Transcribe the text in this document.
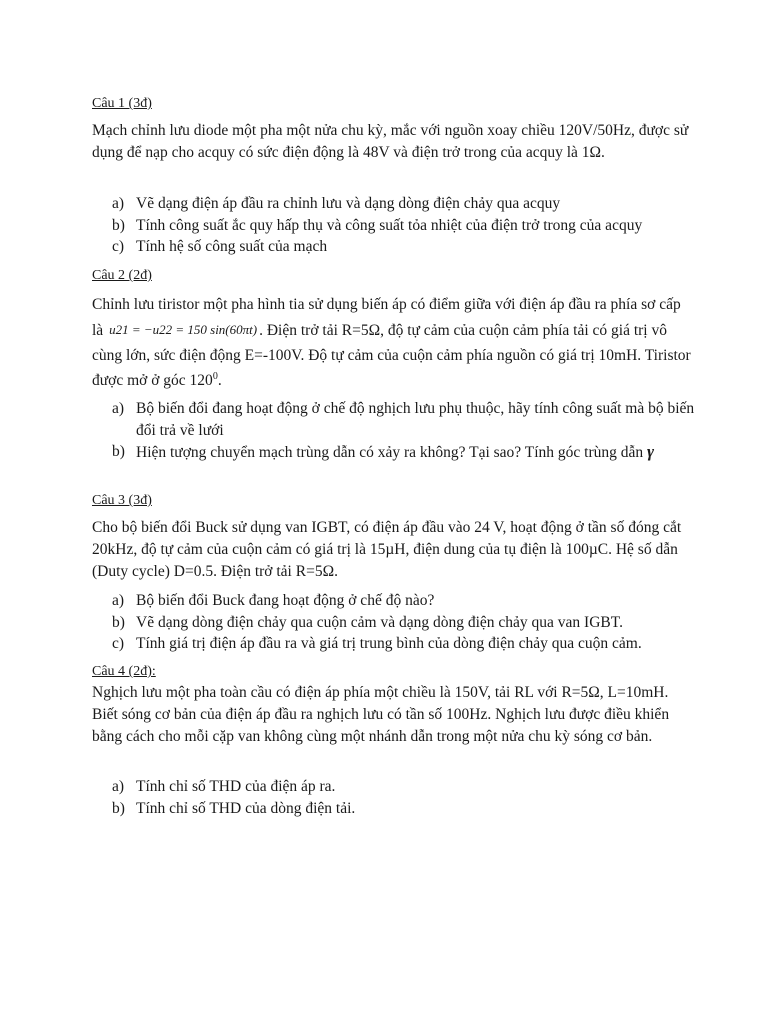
Câu 1 (3đ)

Mạch chỉnh lưu diode một pha một nửa chu kỳ, mắc với nguồn xoay chiều 120V/50Hz, được sử dụng để nạp cho acquy có sức điện động là 48V và điện trở trong của acquy là 1Ω.

a) Vẽ dạng điện áp đầu ra chỉnh lưu và dạng dòng điện chảy qua acquy
b) Tính công suất ắc quy hấp thụ và công suất tỏa nhiệt của điện trở trong của acquy
c) Tính hệ số công suất của mạch
Câu 2 (2đ)

Chỉnh lưu tiristor một pha hình tia sử dụng biến áp có điểm giữa với điện áp đầu ra phía sơ cấp là u21 = −u22 = 150 sin(60πt) . Điện trở tải R=5Ω, độ tự cảm của cuộn cảm phía tải có giá trị vô cùng lớn, sức điện động E=-100V. Độ tự cảm của cuộn cảm phía nguồn có giá trị 10mH. Tiristor được mở ở góc $120^0$.

a) Bộ biến đổi đang hoạt động ở chế độ nghịch lưu phụ thuộc, hãy tính công suất mà bộ biến đổi trả về lưới
b) Hiện tượng chuyển mạch trùng dẫn có xảy ra không? Tại sao? Tính góc trùng dẫn γ
Câu 3 (3đ)

Cho bộ biến đổi Buck sử dụng van IGBT, có điện áp đầu vào 24 V, hoạt động ở tần số đóng cắt 20kHz, độ tự cảm của cuộn cảm có giá trị là 15µH, điện dung của tụ điện là 100µC. Hệ số dẫn (Duty cycle) D=0.5. Điện trở tải R=5Ω.

a) Bộ biến đổi Buck đang hoạt động ở chế độ nào?
b) Vẽ dạng dòng điện chảy qua cuộn cảm và dạng dòng điện chảy qua van IGBT.
c) Tính giá trị điện áp đầu ra và giá trị trung bình của dòng điện chảy qua cuộn cảm.
Câu 4 (2đ):

Nghịch lưu một pha toàn cầu có điện áp phía một chiều là 150V, tải RL với R=5Ω, L=10mH. Biết sóng cơ bản của điện áp đầu ra nghịch lưu có tần số 100Hz. Nghịch lưu được điều khiển bằng cách cho mỗi cặp van không cùng một nhánh dẫn trong một nửa chu kỳ sóng cơ bản.

a) Tính chỉ số THD của điện áp ra.
b) Tính chỉ số THD của dòng điện tải.
